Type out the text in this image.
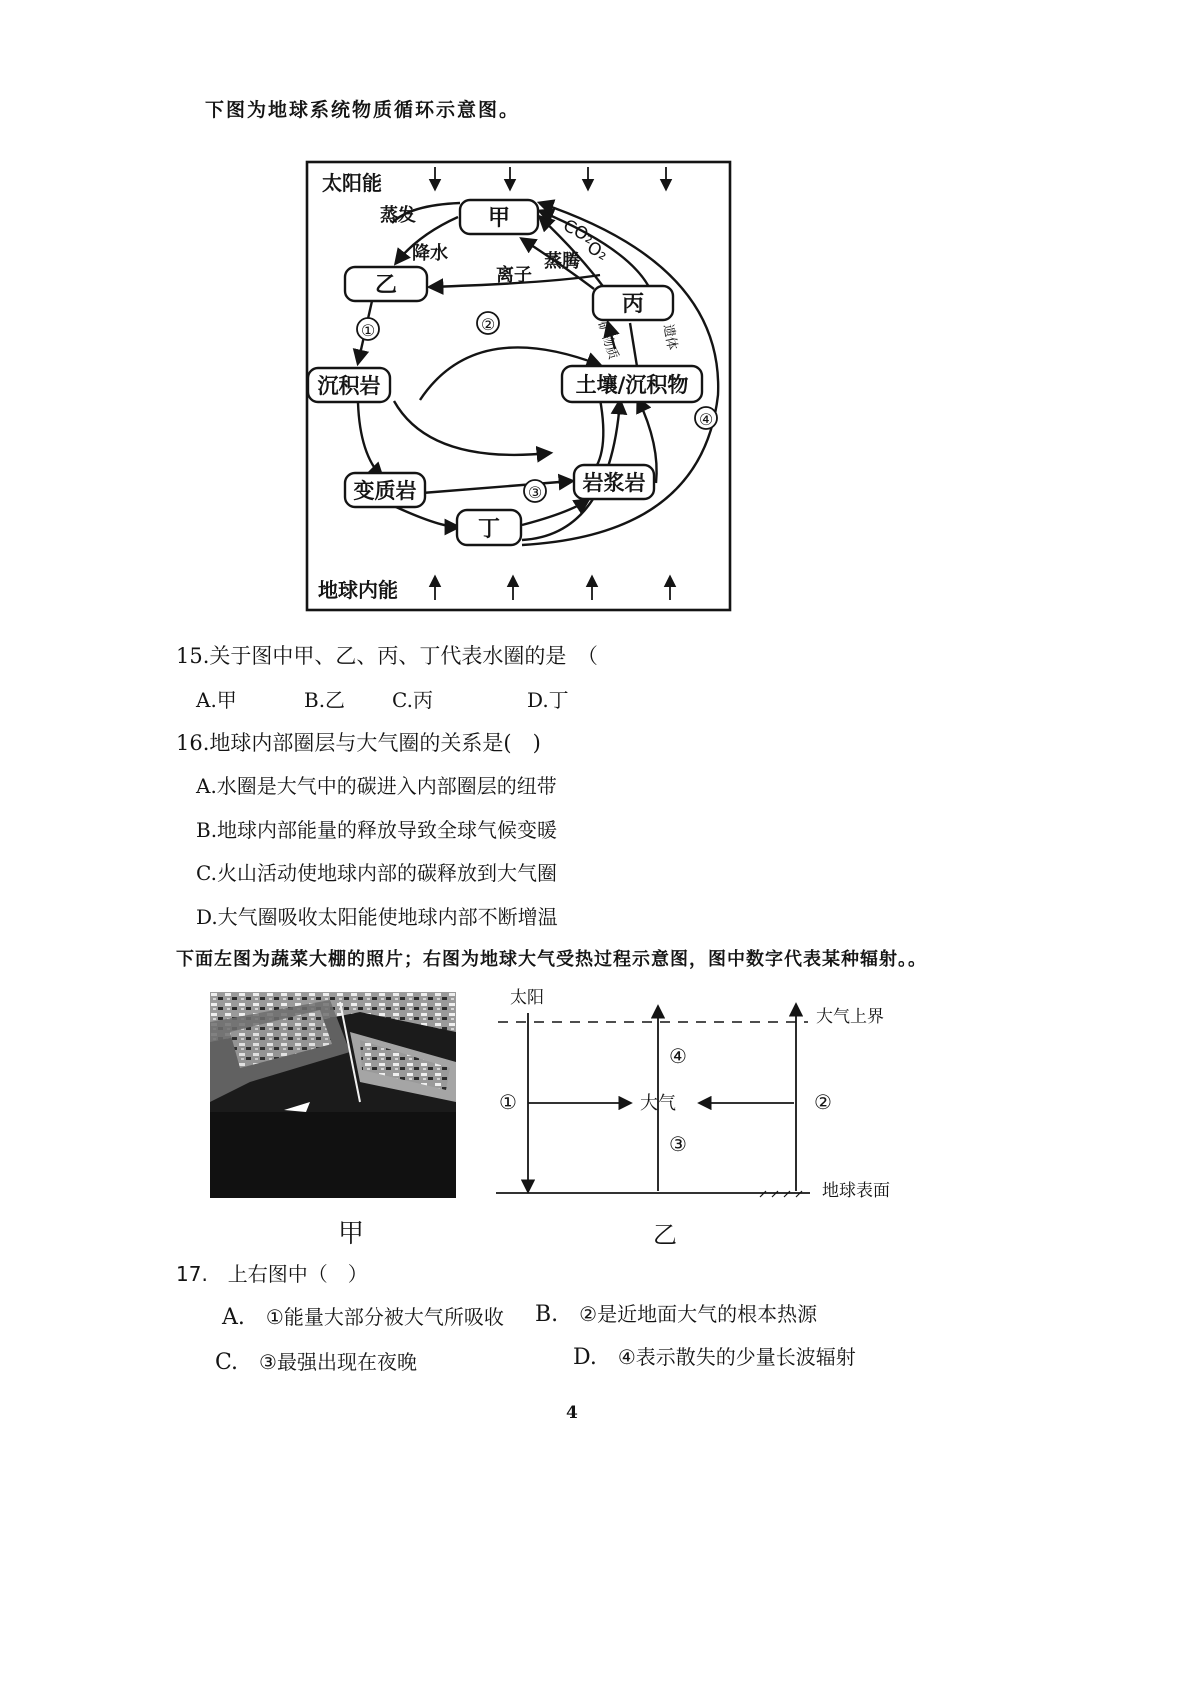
下图为地球系统物质循环示意图。
太阳能
地球内能
甲
乙
丙
沉积岩	土壤/沉积物
变质岩	岩浆岩
丁
蒸发
降水
离子
蒸腾
CO₂
O₂
矿物质	遗体
①	②
③
④
15.关于图中甲、乙、丙、丁代表水圈的是　（
A.甲	B.乙 C.丙	D.丁
16.地球内部圈层与大气圈的关系是(　)
A.水圈是大气中的碳进入内部圈层的纽带
B.地球内部能量的释放导致全球气候变暖
C.火山活动使地球内部的碳释放到大气圈
D.大气圈吸收太阳能使地球内部不断增温
下面左图为蔬菜大棚的照片；右图为地球大气受热过程示意图，图中数字代表某种辐射。。
甲
太阳
大气上界
地球表面
大气
①	②
③
④
乙
17.　上右图中（　）
A. ①能量大部分被大气所吸收 B. ②是近地面大气的根本热源
C. ③最强出现在夜晚	D. ④表示散失的少量长波辐射
4
